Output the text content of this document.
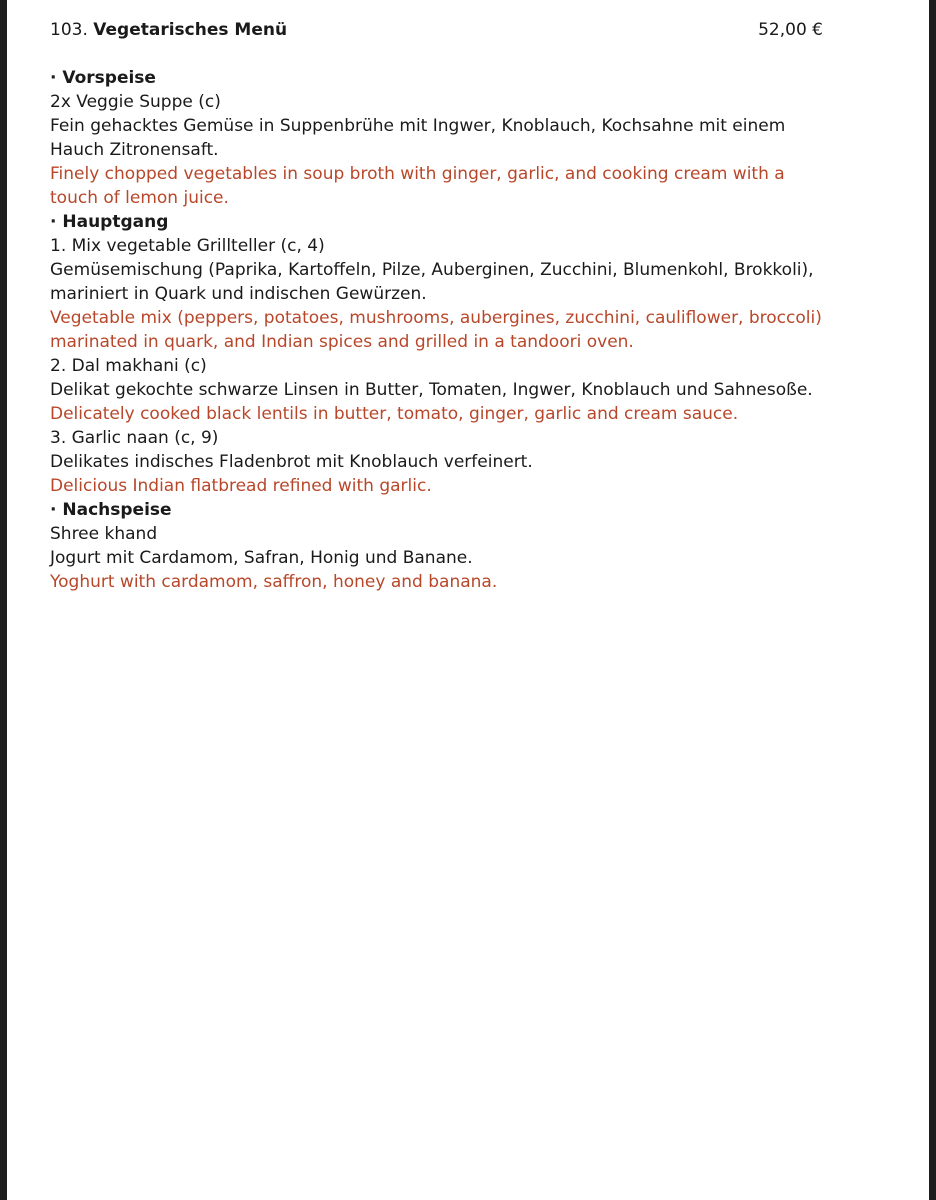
103. Vegetarisches Menü	52,00 €
· Vorspeise
2x Veggie Suppe (c)
Fein gehacktes Gemüse in Suppenbrühe mit Ingwer, Knoblauch, Kochsahne mit einem Hauch Zitronensaft.
Finely chopped vegetables in soup broth with ginger, garlic, and cooking cream with a touch of lemon juice.
· Hauptgang
1. Mix vegetable Grillteller (c, 4)
Gemüsemischung (Paprika, Kartoffeln, Pilze, Auberginen, Zucchini, Blumenkohl, Brokkoli), mariniert in Quark und indischen Gewürzen.
Vegetable mix (peppers, potatoes, mushrooms, aubergines, zucchini, cauliflower, broccoli) marinated in quark, and Indian spices and grilled in a tandoori oven.
2. Dal makhani (c)
Delikat gekochte schwarze Linsen in Butter, Tomaten, Ingwer, Knoblauch und Sahnesoße.
Delicately cooked black lentils in butter, tomato, ginger, garlic and cream sauce.
3. Garlic naan (c, 9)
Delikates indisches Fladenbrot mit Knoblauch verfeinert.
Delicious Indian flatbread refined with garlic.
· Nachspeise
Shree khand
Jogurt mit Cardamom, Safran, Honig und Banane.
Yoghurt with cardamom, saffron, honey and banana.
